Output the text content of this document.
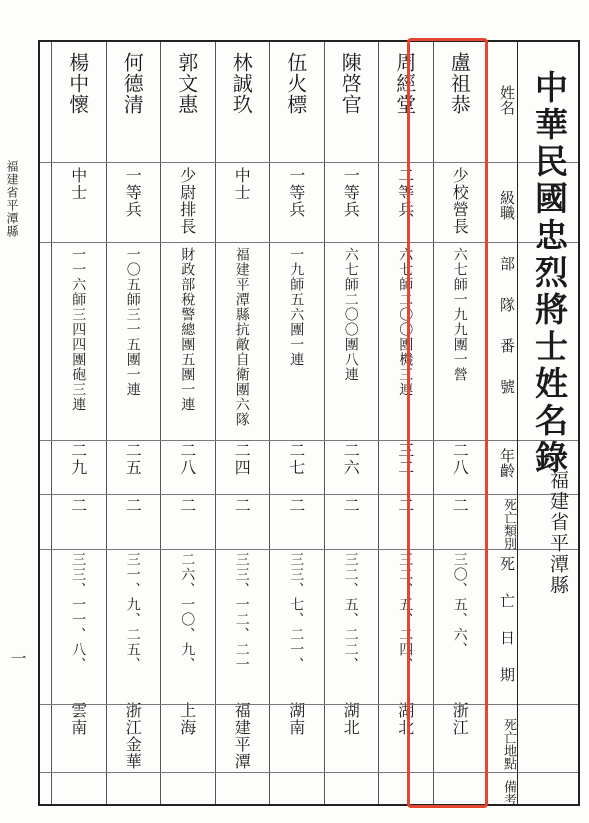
福建省平潭縣
一
盧祖恭
少校營長
六七師一九九團一營
二八
二
三〇、五、六、
浙江
周經堂
二等兵
六七師二〇〇團機三連
三二
二
三二、五、二四、
湖北
陳啓官
一等兵
六七師二〇〇團八連
二六
二
三二、五、二二、
湖北
伍火標
一等兵
一九師五六團一連
二七
二
三三、七、二一、
湖南
林誠玖
中士
福建平潭縣抗敵自衛團六隊
二四
二
三三、一二、二一
福建平潭
郭文惠
少尉排長
財政部稅警總團五團一連
二八
二
二六、一〇、九、
上海
何德清
一等兵
一〇五師三一五團一連
二五
二
三一、九、二五、
浙江金華
楊中懷
中士
一一六師三四四團砲三連
二九
二
三三、一一、八、
雲南
姓名
級職
部隊番號
年齡
死亡類別
死亡日期
死亡地點
備考
中華民國忠烈將士姓名錄
福建省平潭縣
